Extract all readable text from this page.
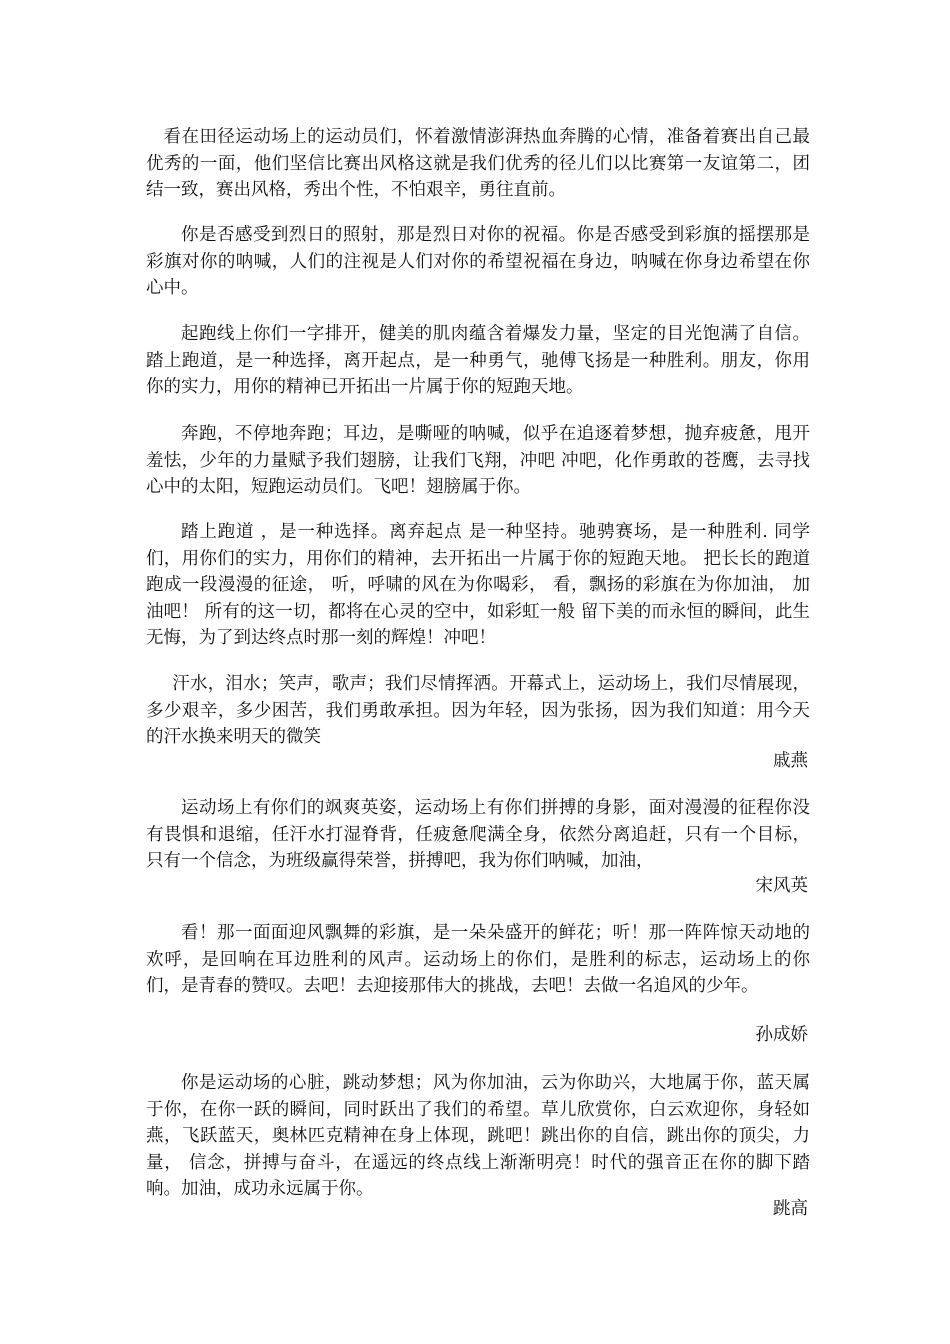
看在田径运动场上的运动员们，怀着激情澎湃热血奔腾的心情，准备着赛出自己最优秀的一面，他们坚信比赛出风格这就是我们优秀的径儿们以比赛第一友谊第二，团结一致，赛出风格，秀出个性，不怕艰辛，勇往直前。

你是否感受到烈日的照射，那是烈日对你的祝福。你是否感受到彩旗的摇摆那是彩旗对你的呐喊，人们的注视是人们对你的希望祝福在身边，呐喊在你身边希望在你心中。

起跑线上你们一字排开，健美的肌肉蕴含着爆发力量，坚定的目光饱满了自信。踏上跑道，是一种选择，离开起点，是一种勇气，驰傅飞扬是一种胜利。朋友，你用你的实力，用你的精神已开拓出一片属于你的短跑天地。

奔跑，不停地奔跑；耳边，是嘶哑的呐喊，似乎在追逐着梦想，抛弃疲惫，甩开羞怯，少年的力量赋予我们翅膀，让我们飞翔，冲吧 冲吧，化作勇敢的苍鹰，去寻找心中的太阳，短跑运动员们。飞吧！翅膀属于你。

踏上跑道 ，是一种选择。离弃起点 是一种坚持。驰骋赛场，是一种胜利. 同学们，用你们的实力，用你们的精神，去开拓出一片属于你的短跑天地。 把长长的跑道跑成一段漫漫的征途， 听，呼啸的风在为你喝彩， 看，飘扬的彩旗在为你加油， 加油吧！ 所有的这一切，都将在心灵的空中，如彩虹一般 留下美的而永恒的瞬间，此生无悔，为了到达终点时那一刻的辉煌！冲吧！

汗水，泪水；笑声，歌声；我们尽情挥洒。开幕式上，运动场上，我们尽情展现，多少艰辛，多少困苦，我们勇敢承担。因为年轻，因为张扬，因为我们知道：用今天的汗水换来明天的微笑

戚燕

运动场上有你们的飒爽英姿，运动场上有你们拼搏的身影，面对漫漫的征程你没有畏惧和退缩，任汗水打湿脊背，任疲惫爬满全身，依然分离追赶，只有一个目标， 只有一个信念，为班级赢得荣誉，拼搏吧，我为你们呐喊，加油，

宋风英

看！那一面面迎风飘舞的彩旗，是一朵朵盛开的鲜花；听！那一阵阵惊天动地的欢呼，是回响在耳边胜利的风声。运动场上的你们，是胜利的标志，运动场上的你们，是青春的赞叹。去吧！去迎接那伟大的挑战，去吧！去做一名追风的少年。

孙成娇

你是运动场的心脏，跳动梦想；风为你加油，云为你助兴，大地属于你，蓝天属于你，在你一跃的瞬间，同时跃出了我们的希望。草儿欣赏你，白云欢迎你，身轻如燕，飞跃蓝天，奥林匹克精神在身上体现，跳吧！跳出你的自信，跳出你的顶尖，力量， 信念，拼搏与奋斗，在遥远的终点线上渐渐明亮！时代的强音正在你的脚下踏响。加油，成功永远属于你。

跳高
